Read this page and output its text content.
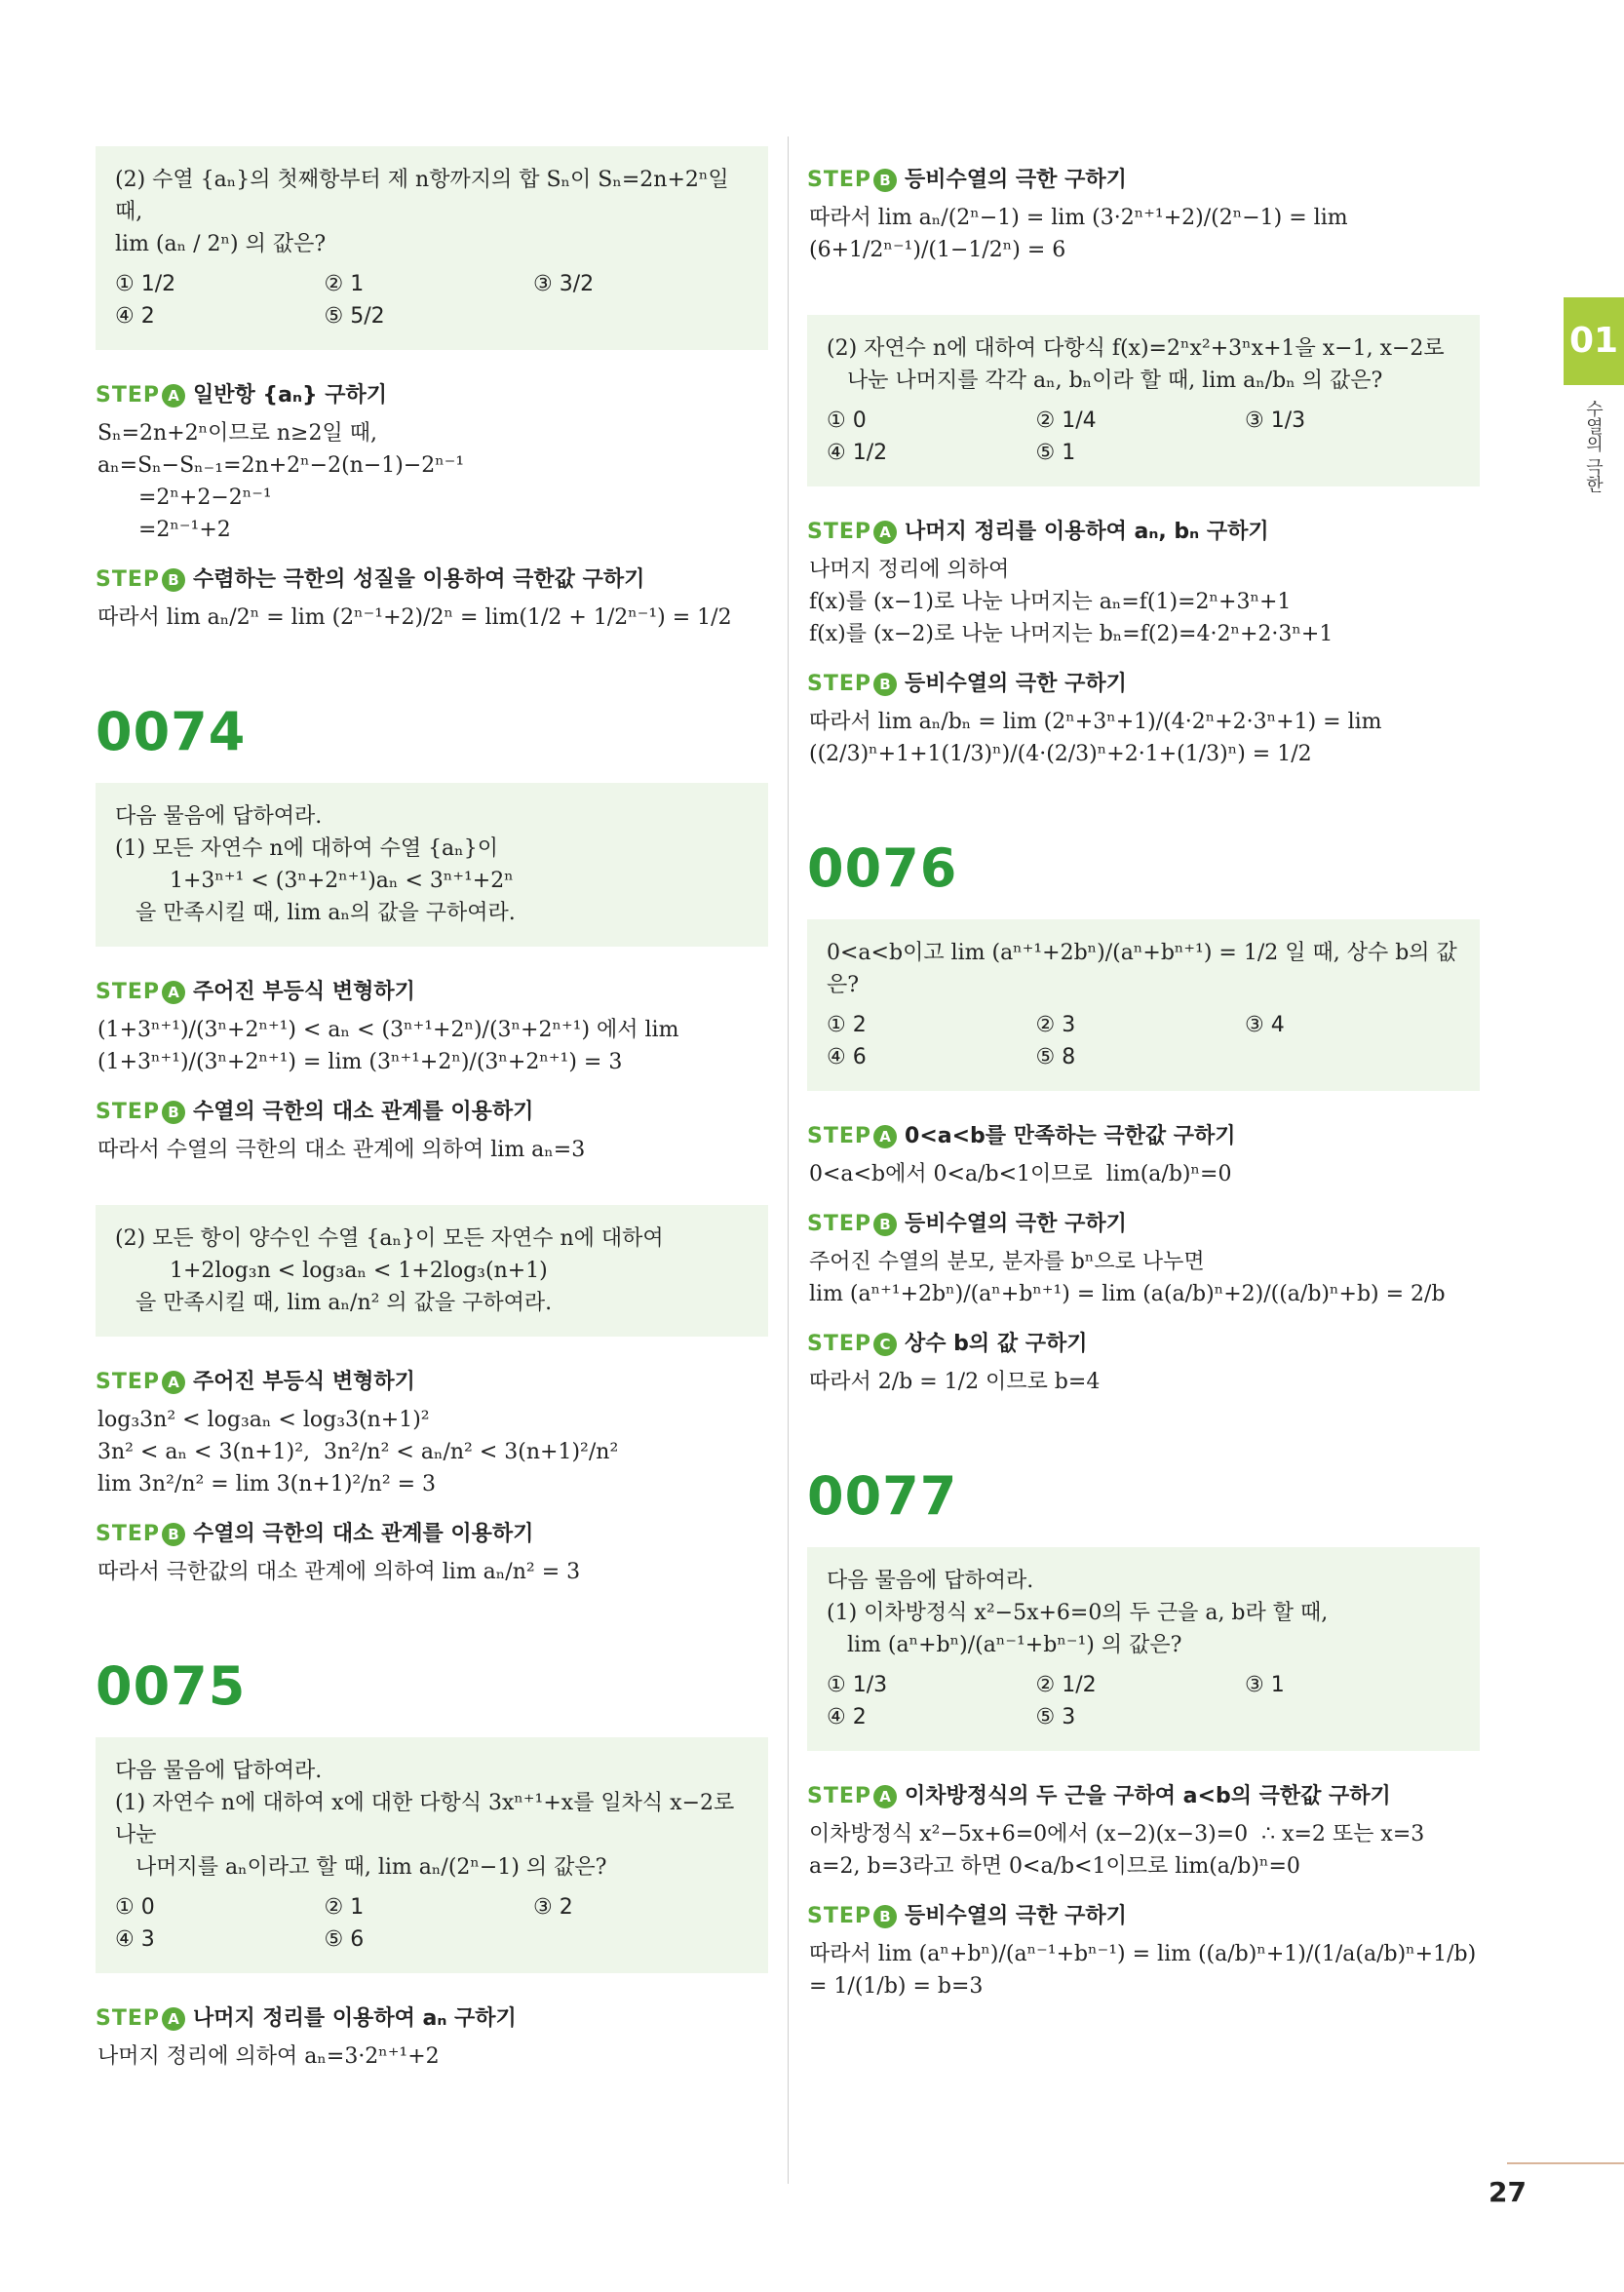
(2) 수열 {aₙ}의 첫째항부터 제 n항까지의 합 Sₙ이 Sₙ=2n+2ⁿ일 때,
lim (aₙ / 2ⁿ) 의 값은?
① 1/2	② 1	③ 3/2
④ 2	⑤ 5/2
STEP A 일반항 {aₙ} 구하기
Sₙ=2n+2ⁿ이므로 n≥2일 때,
aₙ=Sₙ−Sₙ₋₁=2n+2ⁿ−2(n−1)−2ⁿ⁻¹
=2ⁿ+2−2ⁿ⁻¹
=2ⁿ⁻¹+2
STEP B 수렴하는 극한의 성질을 이용하여 극한값 구하기
따라서 lim aₙ/2ⁿ = lim (2ⁿ⁻¹+2)/2ⁿ = lim(1/2 + 1/2ⁿ⁻¹) = 1/2
0074
다음 물음에 답하여라.
(1) 모든 자연수 n에 대하여 수열 {aₙ}이
1+3ⁿ⁺¹ < (3ⁿ+2ⁿ⁺¹)aₙ < 3ⁿ⁺¹+2ⁿ
을 만족시킬 때, lim aₙ의 값을 구하여라.
STEP A 주어진 부등식 변형하기
(1+3ⁿ⁺¹)/(3ⁿ+2ⁿ⁺¹) < aₙ < (3ⁿ⁺¹+2ⁿ)/(3ⁿ+2ⁿ⁺¹) 에서 lim (1+3ⁿ⁺¹)/(3ⁿ+2ⁿ⁺¹) = lim (3ⁿ⁺¹+2ⁿ)/(3ⁿ+2ⁿ⁺¹) = 3
STEP B 수열의 극한의 대소 관계를 이용하기
따라서 수열의 극한의 대소 관계에 의하여 lim aₙ=3
(2) 모든 항이 양수인 수열 {aₙ}이 모든 자연수 n에 대하여
1+2log₃n < log₃aₙ < 1+2log₃(n+1)
을 만족시킬 때, lim aₙ/n² 의 값을 구하여라.
STEP A 주어진 부등식 변형하기
log₃3n² < log₃aₙ < log₃3(n+1)²
3n² < aₙ < 3(n+1)²,  3n²/n² < aₙ/n² < 3(n+1)²/n²
lim 3n²/n² = lim 3(n+1)²/n² = 3
STEP B 수열의 극한의 대소 관계를 이용하기
따라서 극한값의 대소 관계에 의하여 lim aₙ/n² = 3
0075
다음 물음에 답하여라.
(1) 자연수 n에 대하여 x에 대한 다항식 3xⁿ⁺¹+x를 일차식 x−2로 나눈
나머지를 aₙ이라고 할 때, lim aₙ/(2ⁿ−1) 의 값은?
① 0	② 1	③ 2
④ 3	⑤ 6
STEP A 나머지 정리를 이용하여 aₙ 구하기
나머지 정리에 의하여 aₙ=3·2ⁿ⁺¹+2
STEP B 등비수열의 극한 구하기
따라서 lim aₙ/(2ⁿ−1) = lim (3·2ⁿ⁺¹+2)/(2ⁿ−1) = lim (6+1/2ⁿ⁻¹)/(1−1/2ⁿ) = 6
(2) 자연수 n에 대하여 다항식 f(x)=2ⁿx²+3ⁿx+1을 x−1, x−2로
나눈 나머지를 각각 aₙ, bₙ이라 할 때, lim aₙ/bₙ 의 값은?
① 0	② 1/4	③ 1/3
④ 1/2	⑤ 1
STEP A 나머지 정리를 이용하여 aₙ, bₙ 구하기
나머지 정리에 의하여
f(x)를 (x−1)로 나눈 나머지는 aₙ=f(1)=2ⁿ+3ⁿ+1
f(x)를 (x−2)로 나눈 나머지는 bₙ=f(2)=4·2ⁿ+2·3ⁿ+1
STEP B 등비수열의 극한 구하기
따라서 lim aₙ/bₙ = lim (2ⁿ+3ⁿ+1)/(4·2ⁿ+2·3ⁿ+1) = lim ((2/3)ⁿ+1+1(1/3)ⁿ)/(4·(2/3)ⁿ+2·1+(1/3)ⁿ) = 1/2
0076
0<a<b이고 lim (aⁿ⁺¹+2bⁿ)/(aⁿ+bⁿ⁺¹) = 1/2 일 때, 상수 b의 값은?
① 2	② 3	③ 4
④ 6	⑤ 8
STEP A 0<a<b를 만족하는 극한값 구하기
0<a<b에서 0<a/b<1이므로  lim(a/b)ⁿ=0
STEP B 등비수열의 극한 구하기
주어진 수열의 분모, 분자를 bⁿ으로 나누면
lim (aⁿ⁺¹+2bⁿ)/(aⁿ+bⁿ⁺¹) = lim (a(a/b)ⁿ+2)/((a/b)ⁿ+b) = 2/b
STEP C 상수 b의 값 구하기
따라서 2/b = 1/2 이므로 b=4
0077
다음 물음에 답하여라.
(1) 이차방정식 x²−5x+6=0의 두 근을 a, b라 할 때,
lim (aⁿ+bⁿ)/(aⁿ⁻¹+bⁿ⁻¹) 의 값은?
① 1/3	② 1/2	③ 1
④ 2	⑤ 3
STEP A 이차방정식의 두 근을 구하여 a<b의 극한값 구하기
이차방정식 x²−5x+6=0에서 (x−2)(x−3)=0  ∴ x=2 또는 x=3
a=2, b=3라고 하면 0<a/b<1이므로 lim(a/b)ⁿ=0
STEP B 등비수열의 극한 구하기
따라서 lim (aⁿ+bⁿ)/(aⁿ⁻¹+bⁿ⁻¹) = lim ((a/b)ⁿ+1)/(1/a(a/b)ⁿ+1/b) = 1/(1/b) = b=3
01
수열의 극한
27
